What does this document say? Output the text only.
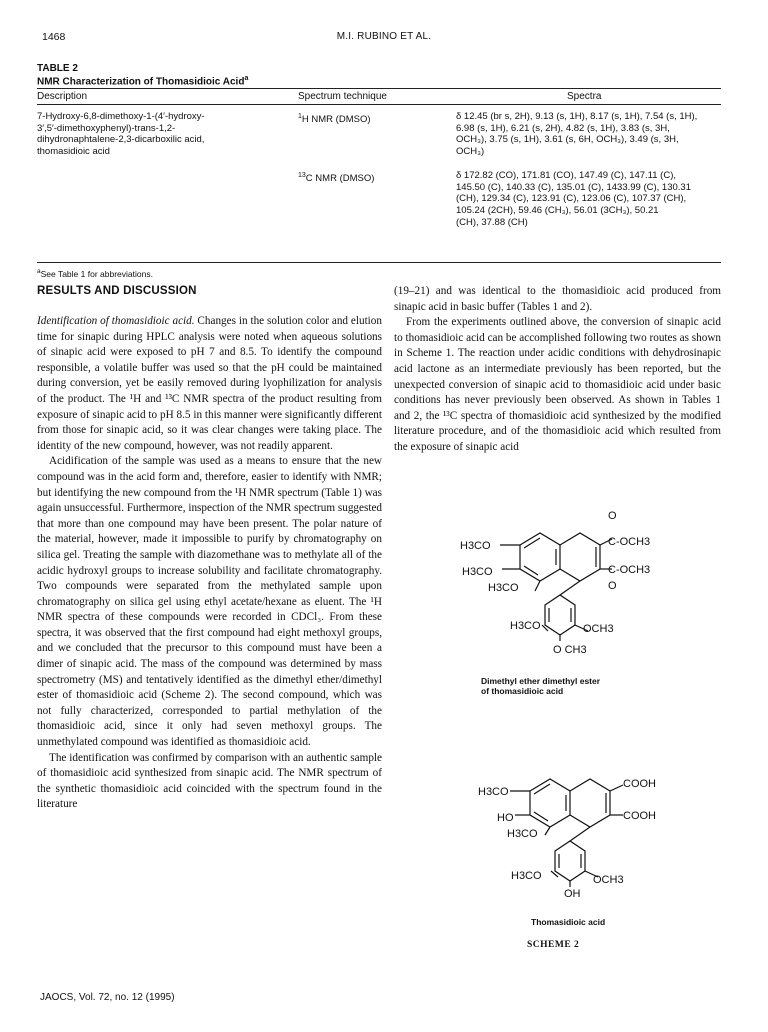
1468	M.I. RUBINO ET AL.
TABLE 2
NMR Characterization of Thomasidioic Acid$^a$
Description	Spectrum technique	Spectra
7-Hydroxy-6,8-dimethoxy-1-(4′-hydroxy-
3′,5′-dimethoxyphenyl)-trans-1,2-
dihydronaphtalene-2,3-dicarboxilic acid,
thomasidioic acid
$^1$H NMR (DMSO)	δ 12.45 (br s, 2H), 9.13 (s, 1H), 8.17 (s, 1H), 7.54 (s, 1H),
6.98 (s, 1H), 6.21 (s, 2H), 4.82 (s, 1H), 3.83 (s, 3H,
OCH₃), 3.75 (s, 1H), 3.61 (s, 6H, OCH₃), 3.49 (s, 3H,
OCH₃)
$^{13}$C NMR (DMSO)	δ 172.82 (CO), 171.81 (CO), 147.49 (C), 147.11 (C),
145.50 (C), 140.33 (C), 135.01 (C), 1433.99 (C), 130.31
(CH), 129.34 (C), 123.91 (C), 123.06 (C), 107.37 (CH),
105.24 (2CH), 59.46 (CH₃), 56.01 (3CH₃), 50.21
(CH), 37.88 (CH)
$^a$See Table 1 for abbreviations.
RESULTS AND DISCUSSION

Identification of thomasidioic acid. Changes in the solution color and elution time for sinapic during HPLC analysis were noted when aqueous solutions of sinapic acid were exposed to pH 7 and 8.5. To identify the compound responsible, a volatile buffer was used so that the pH could be maintained during conversion, yet be easily removed during lyophilization for analysis of the product. The ¹H and ¹³C NMR spectra of the product resulting from exposure of sinapic acid to pH 8.5 in this manner were significantly different from those for sinapic acid, so it was clear changes were taking place. The identity of the new compound, however, was not readily apparent.

Acidification of the sample was used as a means to ensure that the new compound was in the acid form and, therefore, easier to identify with NMR; but identifying the new compound from the ¹H NMR spectrum (Table 1) was again unsuccessful. Furthermore, inspection of the NMR spectrum suggested that more than one compound may have been present. The polar nature of the material, however, made it impossible to purify by chromatography on silica gel. Treating the sample with diazomethane was to methylate all of the acidic hydroxyl groups to increase solubility and facilitate chromatography. Two compounds were separated from the methylated sample upon chromatography on silica gel using ethyl acetate/hexane as eluent. The ¹H NMR spectra of these compounds were recorded in CDCl₃. From these spectra, it was observed that the first compound had eight methoxyl groups, and we concluded that the precursor to this compound must have been a dimer of sinapic acid. The mass of the compound was determined by mass spectrometry (MS) and tentatively identified as the dimethyl ether/dimethyl ester of thomasidioic acid (Scheme 2). The second compound, which was not fully characterized, corresponded to partial methylation of the thomasidioic acid, since it only had seven methoxyl groups. The unmethylated compound was identified as thomasidioic acid.

The identification was confirmed by comparison with an authentic sample of thomasidioic acid synthesized from sinapic acid. The NMR spectrum of the synthetic thomasidioic acid coincided with the spectrum found in the literature

(19–21) and was identical to the thomasidioic acid produced from sinapic acid in basic buffer (Tables 1 and 2).

From the experiments outlined above, the conversion of sinapic acid to thomasidioic acid can be accomplished following two routes as shown in Scheme 1. The reaction under acidic conditions with dehydrosinapic acid lactone as an intermediate previously has been reported, but the unexpected conversion of sinapic acid to thomasidioic acid under basic conditions has never previously been observed. As shown in Tables 1 and 2, the ¹³C spectra of thomasidioic acid synthesized by the modified literature procedure, and of the thomasidioic acid which resulted from the exposure of sinapic acid

H3CO
H3CO
H3CO
H3CO	OCH3
O CH3
O
C-OCH3
C-OCH3
O
Dimethyl ether dimethyl ester
of thomasidioic acid
H3CO
HO
H3CO
H3CO	OCH3
OH
COOH
COOH
Thomasidioic acid
SCHEME 2
JAOCS, Vol. 72, no. 12 (1995)
